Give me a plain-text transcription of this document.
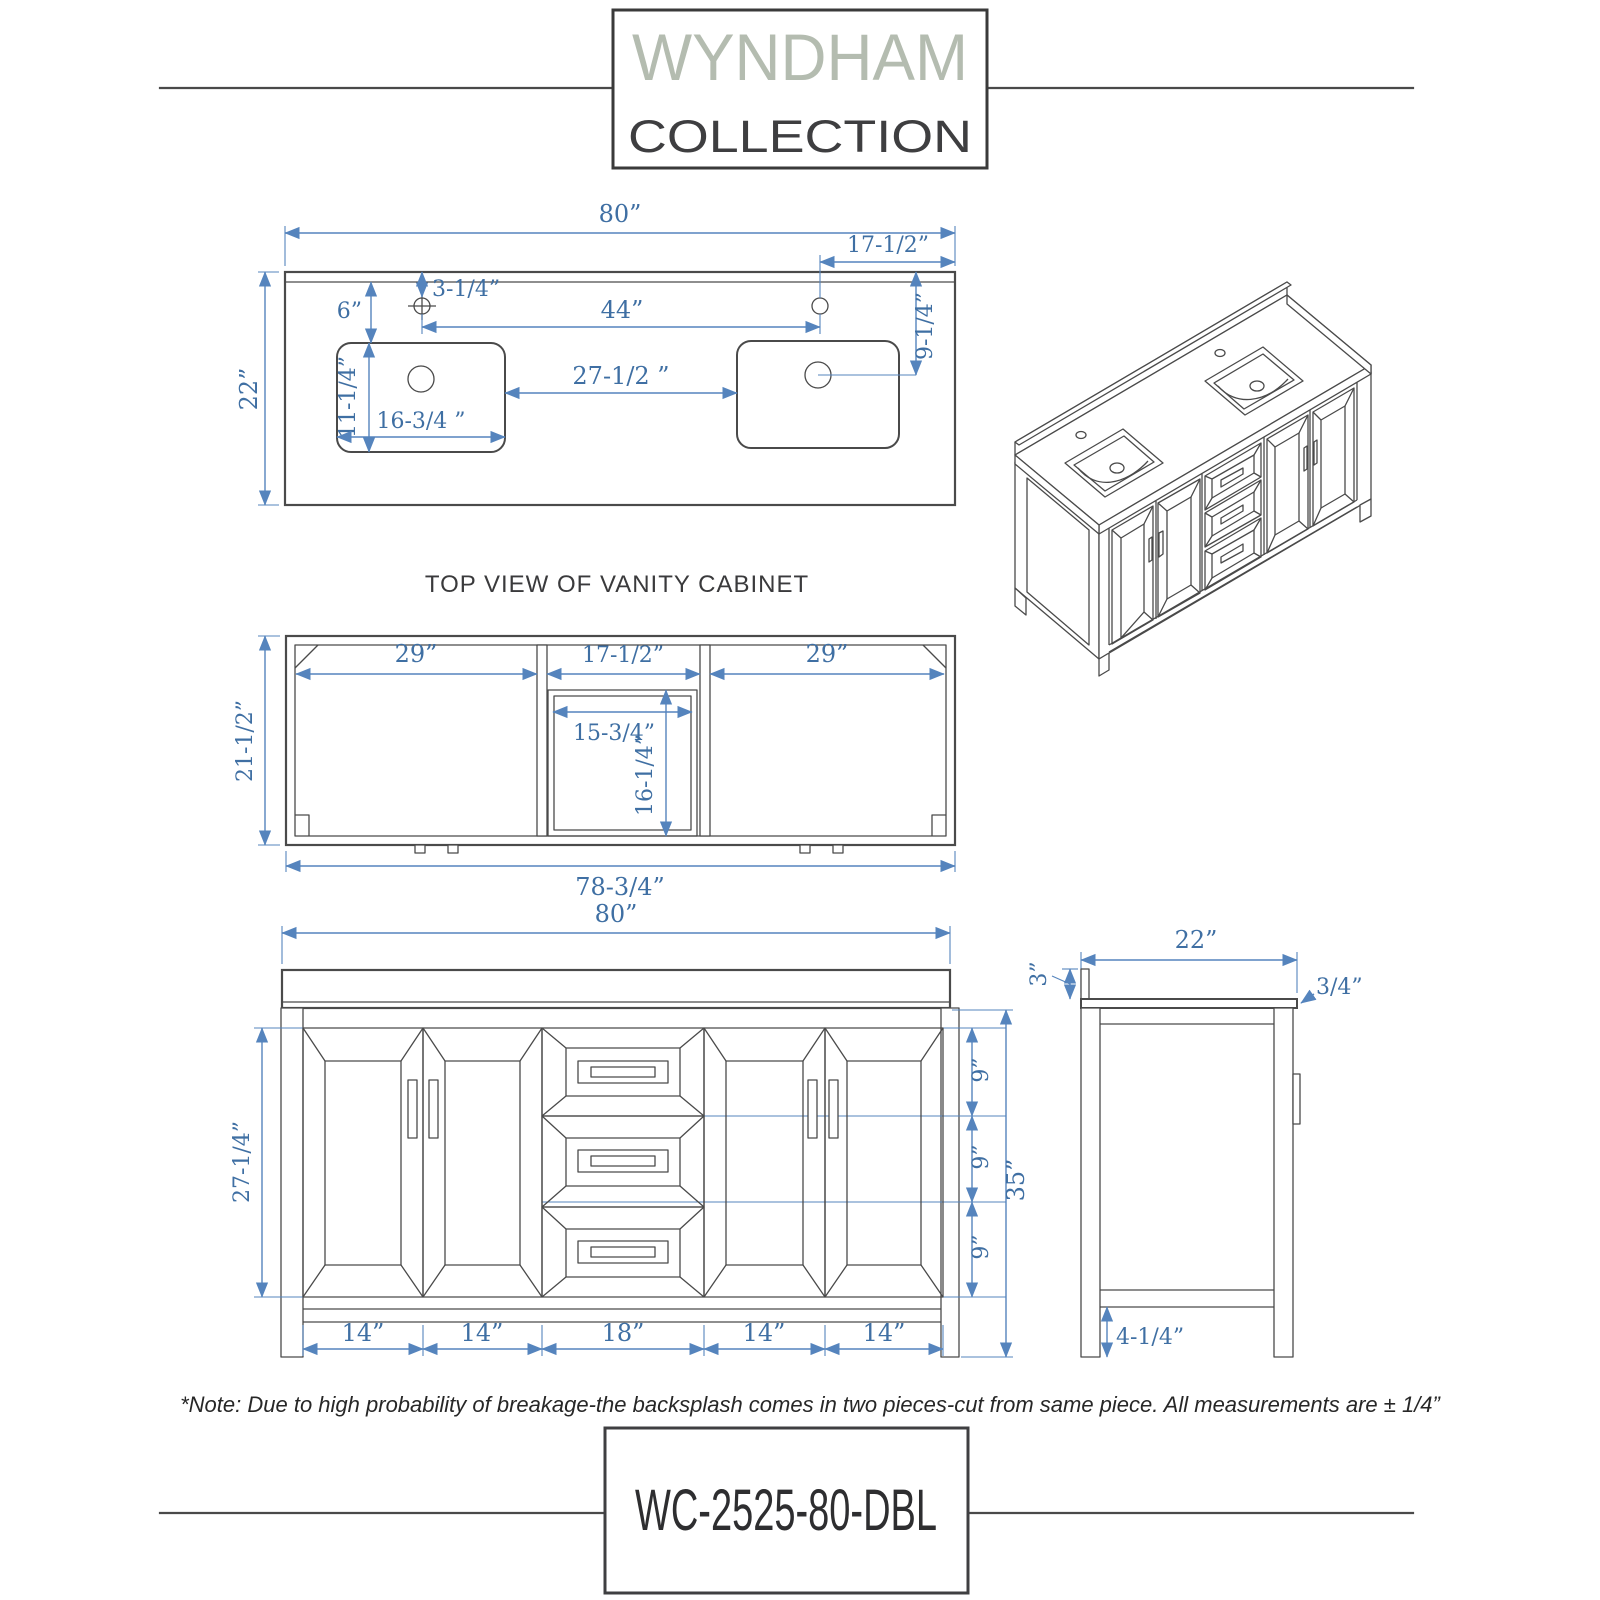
WYNDHAM
COLLECTION
80”
17-1/2”
22”
6”
3-1/4”
44”
11-1/4” 16-3/4 ”
27-1/2 ”
9-1/4”
TOP VIEW OF VANITY CABINET
29”	17-1/2”	29”
21-1/2”	15-3/4”
16-1/4”
78-3/4”
80”
14”	14”	18”	14”	14”
27-1/4”
9”
9”
9”
35”
22”
3”
3/4”
4-1/4”
*Note: Due to high probability of breakage-the backsplash comes in two pieces-cut from same piece. All measurements are ± 1/4”
WC-2525-80-DBL
